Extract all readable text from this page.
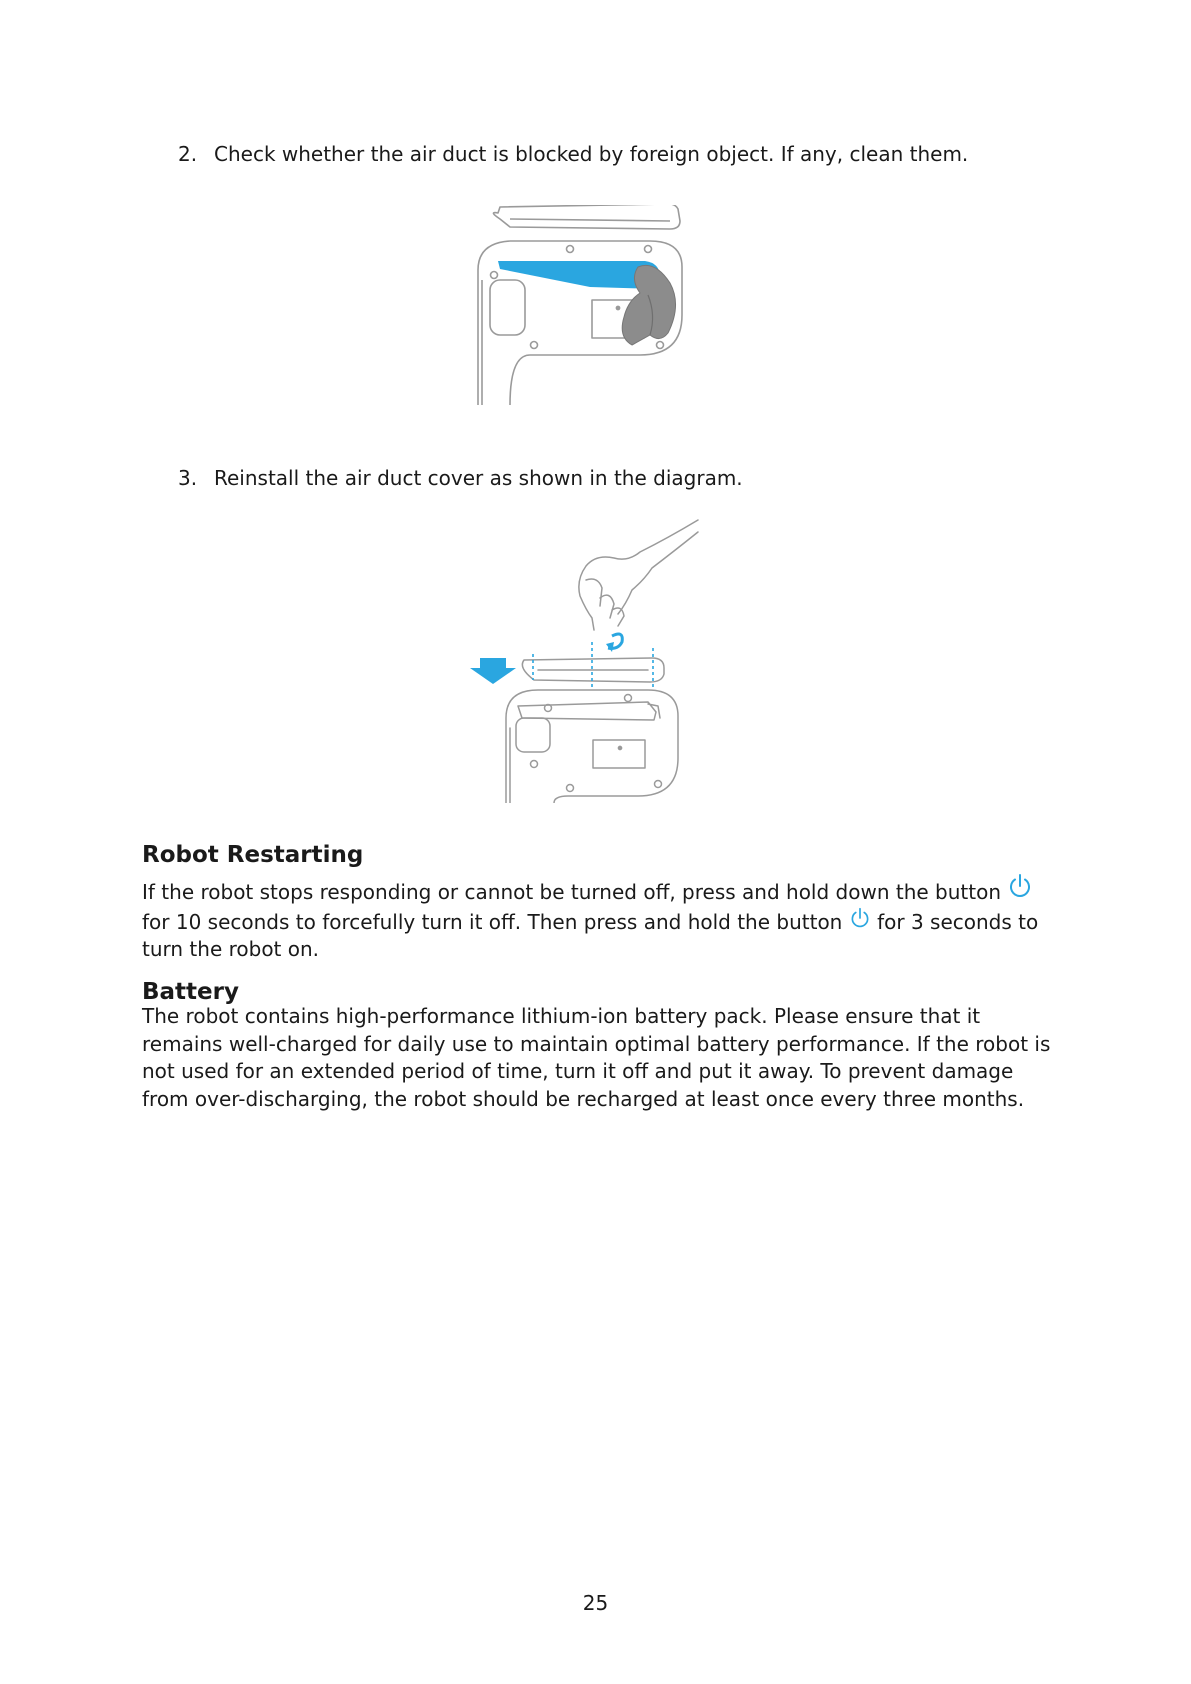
2. Check whether the air duct is blocked by foreign object. If any, clean them.
3. Reinstall the air duct cover as shown in the diagram.
Robot Restarting
If the robot stops responding or cannot be turned off, press and hold down the button  for 10 seconds to forcefully turn it off. Then press and hold the button for 3 seconds to turn the robot on.
Battery
The robot contains high-performance lithium-ion battery pack. Please ensure that it remains well-charged for daily use to maintain optimal battery performance. If the robot is not used for an extended period of time, turn it off and put it away. To prevent damage from over-discharging, the robot should be recharged at least once every three months.
25
